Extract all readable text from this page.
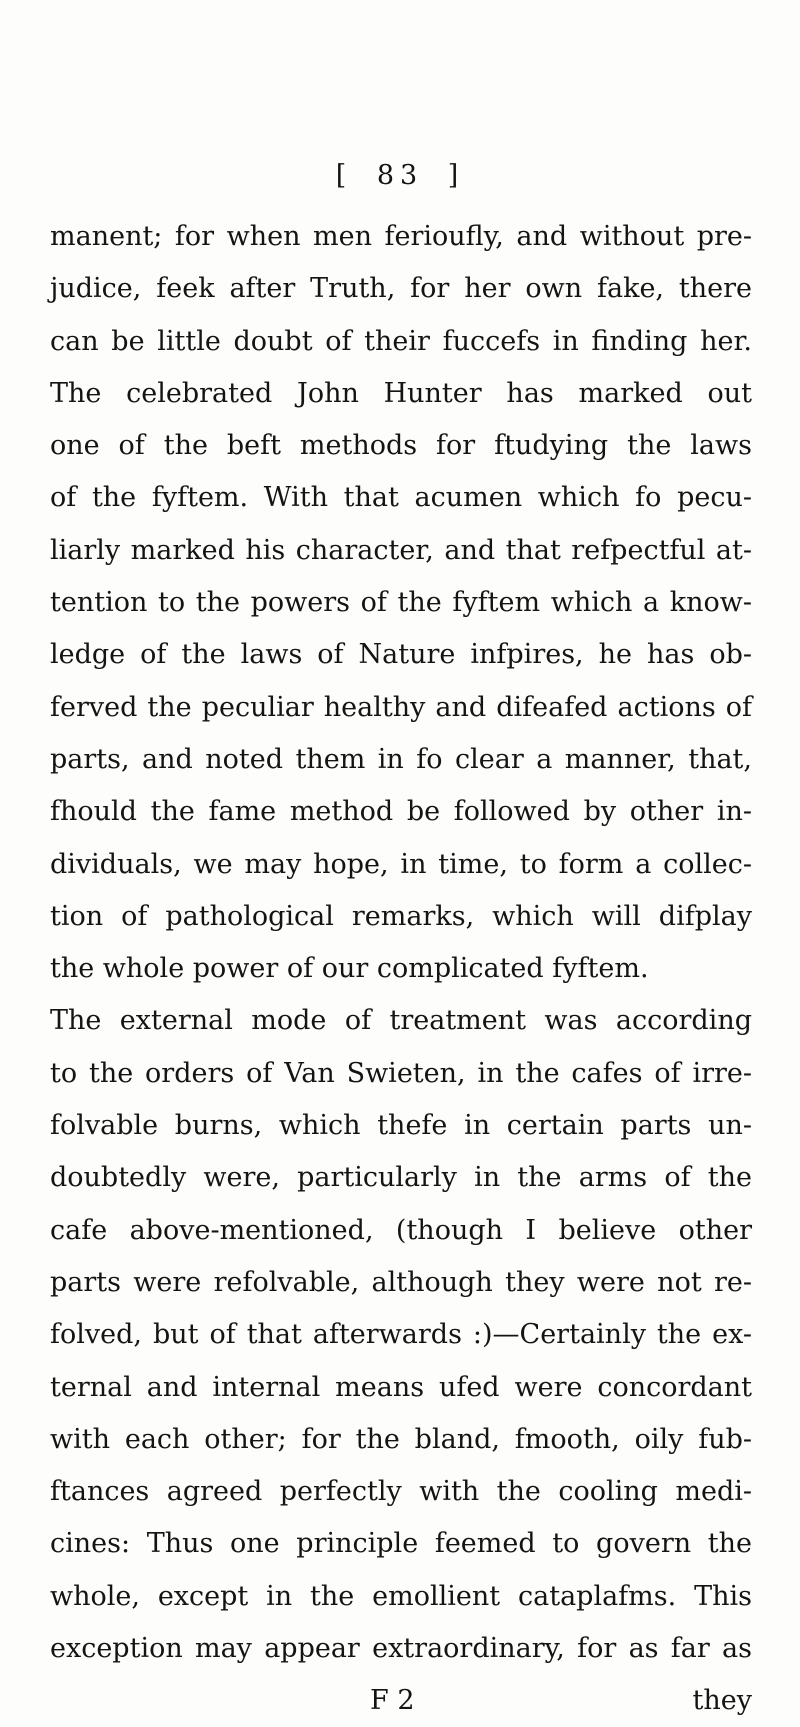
[ 83 ]
manent; for when men ferioufly, and without pre-
judice, feek after Truth, for her own fake, there
can be little doubt of their fuccefs in finding her.
The celebrated John Hunter has marked out
one of the beft methods for ftudying the laws
of the fyftem. With that acumen which fo pecu-
liarly marked his character, and that refpectful at-
tention to the powers of the fyftem which a know-
ledge of the laws of Nature infpires, he has ob-
ferved the peculiar healthy and difeafed actions of
parts, and noted them in fo clear a manner, that,
fhould the fame method be followed by other in-
dividuals, we may hope, in time, to form a collec-
tion of pathological remarks, which will difplay
the whole power of our complicated fyftem.
The external mode of treatment was according
to the orders of Van Swieten, in the cafes of irre-
folvable burns, which thefe in certain parts un-
doubtedly were, particularly in the arms of the
cafe above-mentioned, (though I believe other
parts were refolvable, although they were not re-
folved, but of that afterwards :)—Certainly the ex-
ternal and internal means ufed were concordant
with each other; for the bland, fmooth, oily fub-
ftances agreed perfectly with the cooling medi-
cines: Thus one principle feemed to govern the
whole, except in the emollient cataplafms. This
exception may appear extraordinary, for as far as
F 2	they
